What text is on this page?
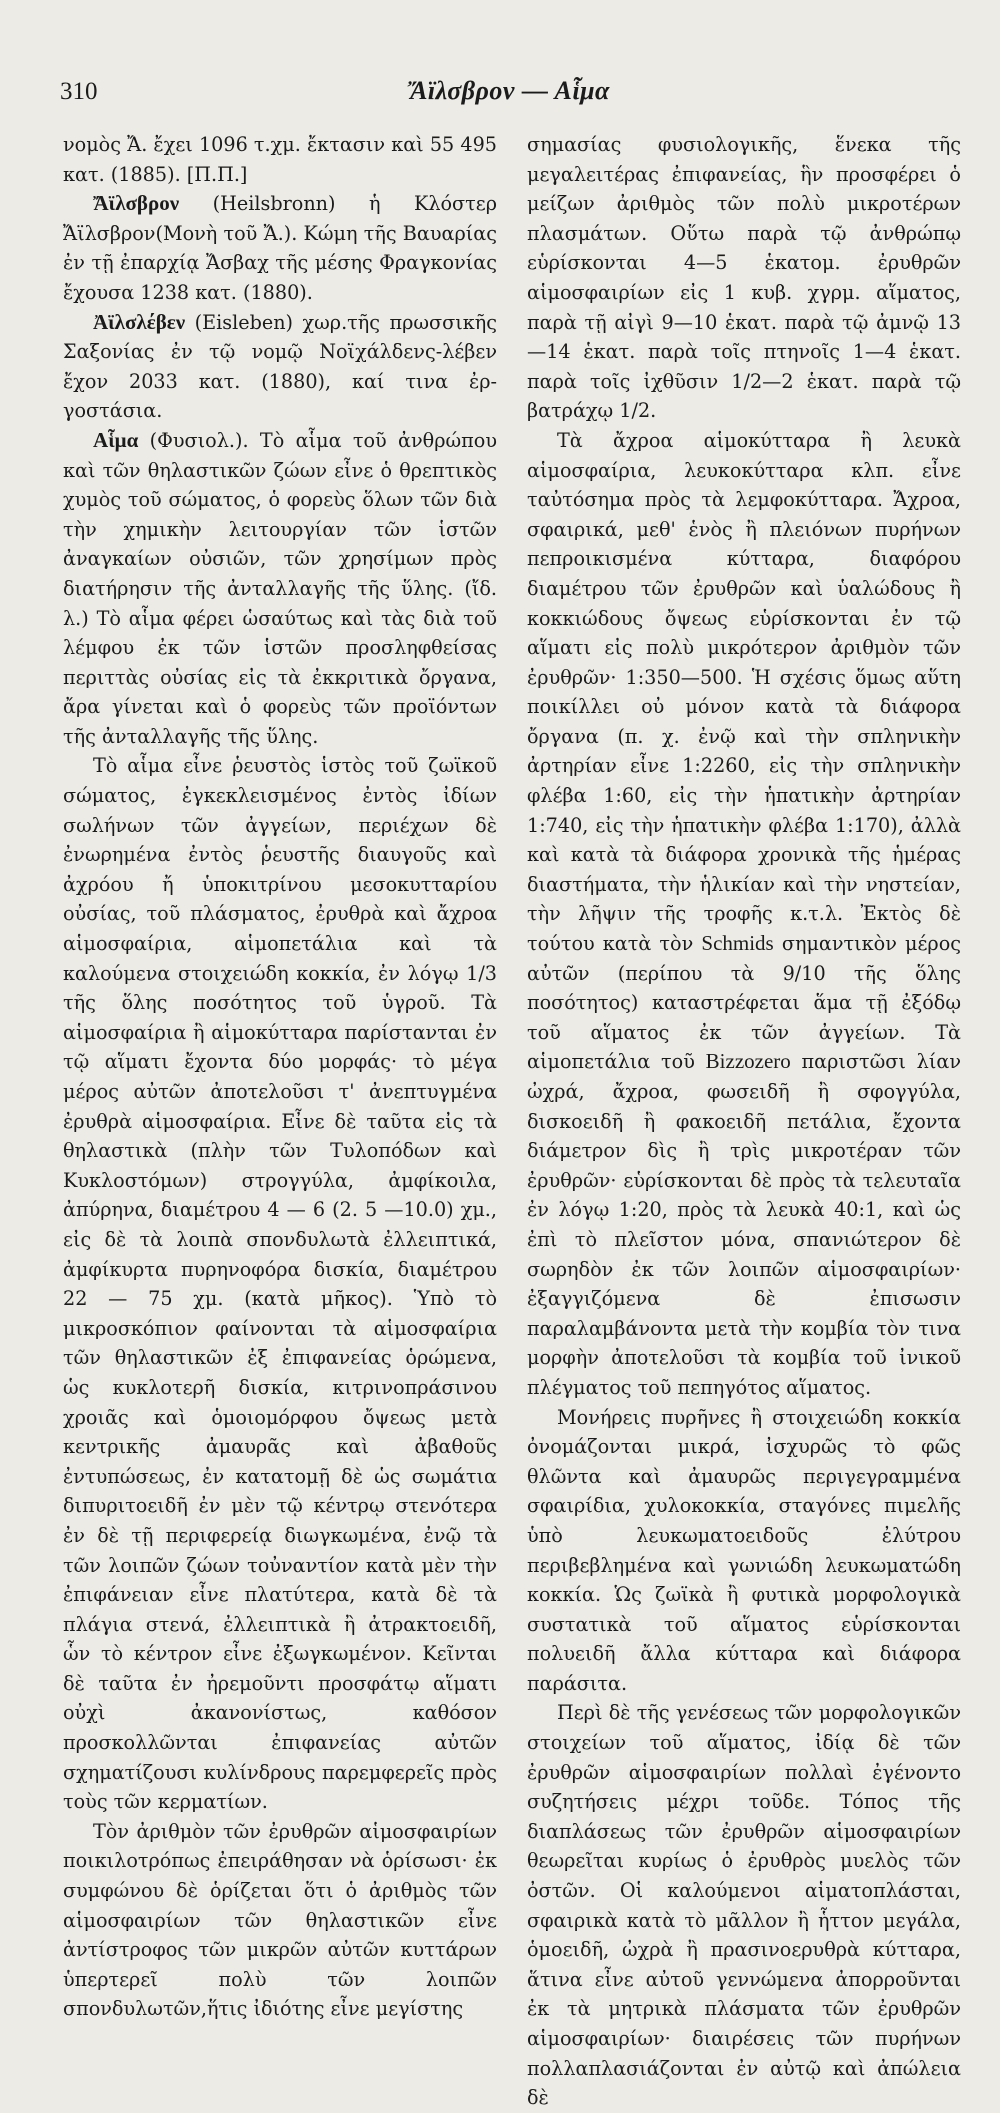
310	Ἄϊλσβρον — Αἷμα

νομὸς Ἄ. ἔχει 1096 τ.χμ. ἔκτασιν καὶ 55 495 κατ. (1885). [Π.Π.]

Ἄϊλσβρον (Heilsbronn) ἡ Κλόστερ Ἄϊλσβρον(Μονὴ τοῦ Ἄ.). Κώμη τῆς Βαυαρίας ἐν τῇ ἐπαρχίᾳ Ἄσβαχ τῆς μέσης Φραγκονίας ἔχουσα 1238 κατ. (1880).

Ἀϊλσλέβεν (Eisleben) χωρ.τῆς πρωσσικῆς Σαξονίας ἐν τῷ νομῷ Νοϊχάλδενς-λέβεν ἔχον 2033 κατ. (1880), καί τινα ἐρ-γοστάσια.

Αἷμα (Φυσιολ.). Τὸ αἷμα τοῦ ἀνθρώπου καὶ τῶν θηλαστικῶν ζώων εἶνε ὁ θρεπτικὸς χυμὸς τοῦ σώματος, ὁ φορεὺς ὅλων τῶν διὰ τὴν χημικὴν λειτουργίαν τῶν ἱστῶν ἀναγκαίων οὐσιῶν, τῶν χρησίμων πρὸς διατήρησιν τῆς ἀνταλλαγῆς τῆς ὕλης. (ἴδ. λ.) Τὸ αἷμα φέρει ὡσαύτως καὶ τὰς διὰ τοῦ λέμφου ἐκ τῶν ἱστῶν προσληφθείσας περιττὰς οὐσίας εἰς τὰ ἐκκριτικὰ ὄργανα, ἄρα γίνεται καὶ ὁ φορεὺς τῶν προϊόντων τῆς ἀνταλλαγῆς τῆς ὕλης.

Τὸ αἷμα εἶνε ῥευστὸς ἱστὸς τοῦ ζωϊκοῦ σώματος, ἐγκεκλεισμένος ἐντὸς ἰδίων σωλήνων τῶν ἀγγείων, περιέχων δὲ ἐνωρημένα ἐντὸς ῥευστῆς διαυγοῦς καὶ ἀχρόου ἤ ὑποκιτρίνου μεσοκυτταρίου οὐσίας, τοῦ πλάσματος, ἐρυθρὰ καὶ ἄχροα αἱμοσφαίρια, αἱμοπετάλια καὶ τὰ καλούμενα στοιχειώδη κοκκία, ἐν λόγῳ 1/3 τῆς ὅλης ποσότητος τοῦ ὑγροῦ. Τὰ αἱμοσφαίρια ἢ αἱμοκύτταρα παρίστανται ἐν τῷ αἵματι ἔχοντα δύο μορφάς· τὸ μέγα μέρος αὐτῶν ἀποτελοῦσι τ' ἀνεπτυγμένα ἐρυθρὰ αἱμοσφαίρια. Εἶνε δὲ ταῦτα εἰς τὰ θηλαστικὰ (πλὴν τῶν Τυλοπόδων καὶ Κυκλοστόμων) στρογγύλα, ἀμφίκοιλα, ἀπύρηνα, διαμέτρου 4 — 6 (2. 5 —10.0) χμ., εἰς δὲ τὰ λοιπὰ σπονδυλωτὰ ἐλλειπτικά, ἀμφίκυρτα πυρηνοφόρα δισκία, διαμέτρου 22 — 75 χμ. (κατὰ μῆκος). Ὑπὸ τὸ μικροσκόπιον φαίνονται τὰ αἱμοσφαίρια τῶν θηλαστικῶν ἐξ ἐπιφανείας ὁρώμενα, ὡς κυκλοτερῆ δισκία, κιτρινοπράσινου χροιᾶς καὶ ὁμοιομόρφου ὄψεως μετὰ κεντρικῆς ἀμαυρᾶς καὶ ἀβαθοῦς ἐντυπώσεως, ἐν κατατομῇ δὲ ὡς σωμάτια διπυριτοειδῆ ἐν μὲν τῷ κέντρῳ στενότερα ἐν δὲ τῇ περιφερείᾳ διωγκωμένα, ἐνῷ τὰ τῶν λοιπῶν ζώων τοὐναντίον κατὰ μὲν τὴν ἐπιφάνειαν εἶνε πλατύτερα, κατὰ δὲ τὰ πλάγια στενά, ἐλλειπτικὰ ἢ ἀτρακτοειδῆ, ὧν τὸ κέντρον εἶνε ἐξωγκωμένον. Κεῖνται δὲ ταῦτα ἐν ἠρεμοῦντι προσφάτῳ αἵματι οὐχὶ ἀκανονίστως, καθόσον προσκολλῶνται ἐπιφανείας αὐτῶν σχηματίζουσι κυλίνδρους παρεμφερεῖς πρὸς τοὺς τῶν κερματίων.

Τὸν ἀριθμὸν τῶν ἐρυθρῶν αἱμοσφαιρίων ποικιλοτρόπως ἐπειράθησαν νὰ ὁρίσωσι· ἐκ συμφώνου δὲ ὁρίζεται ὅτι ὁ ἀριθμὸς τῶν αἱμοσφαιρίων τῶν θηλαστικῶν εἶνε ἀντίστροφος τῶν μικρῶν αὐτῶν κυττάρων ὑπερτερεῖ πολὺ τῶν λοιπῶν σπονδυλωτῶν,ἥτις ἰδιότης εἶνε μεγίστης

σημασίας φυσιολογικῆς, ἕνεκα τῆς μεγαλειτέρας ἐπιφανείας, ἣν προσφέρει ὁ μείζων ἀριθμὸς τῶν πολὺ μικροτέρων πλασμάτων. Οὕτω παρὰ τῷ ἀνθρώπῳ εὑρίσκονται 4—5 ἑκατομ. ἐρυθρῶν αἱμοσφαιρίων εἰς 1 κυβ. χγρμ. αἵματος, παρὰ τῇ αἰγὶ 9—10 ἑκατ. παρὰ τῷ ἀμνῷ 13—14 ἑκατ. παρὰ τοῖς πτηνοῖς 1—4 ἑκατ. παρὰ τοῖς ἰχθῦσιν 1/2—2 ἑκατ. παρὰ τῷ βατράχῳ 1/2.

Τὰ ἄχροα αἱμοκύτταρα ἢ λευκὰ αἱμοσφαίρια, λευκοκύτταρα κλπ. εἶνε ταὐτόσημα πρὸς τὰ λεμφοκύτταρα. Ἄχροα, σφαιρικά, μεθ' ἑνὸς ἢ πλειόνων πυρήνων πεπροικισμένα κύτταρα, διαφόρου διαμέτρου τῶν ἐρυθρῶν καὶ ὑαλώδους ἢ κοκκιώδους ὄψεως εὑρίσκονται ἐν τῷ αἵματι εἰς πολὺ μικρότερον ἀριθμὸν τῶν ἐρυθρῶν· 1:350—500. Ἡ σχέσις ὅμως αὕτη ποικίλλει οὐ μόνον κατὰ τὰ διάφορα ὄργανα (π. χ. ἐνῷ καὶ τὴν σπληνικὴν ἀρτηρίαν εἶνε 1:2260, εἰς τὴν σπληνικὴν φλέβα 1:60, εἰς τὴν ἡπατικὴν ἀρτηρίαν 1:740, εἰς τὴν ἡπατικὴν φλέβα 1:170), ἀλλὰ καὶ κατὰ τὰ διάφορα χρονικὰ τῆς ἡμέρας διαστήματα, τὴν ἡλικίαν καὶ τὴν νηστείαν, τὴν λῆψιν τῆς τροφῆς κ.τ.λ. Ἐκτὸς δὲ τούτου κατὰ τὸν Schmids σημαντικὸν μέρος αὐτῶν (περίπου τὰ 9/10 τῆς ὅλης ποσότητος) καταστρέφεται ἅμα τῇ ἐξόδῳ τοῦ αἵματος ἐκ τῶν ἀγγείων. Τὰ αἱμοπετάλια τοῦ Bizzozero παριστῶσι λίαν ὠχρά, ἄχροα, φωσειδῆ ἢ σφογγύλα, δισκοειδῆ ἢ φακοειδῆ πετάλια, ἔχοντα διάμετρον δὶς ἢ τρὶς μικροτέραν τῶν ἐρυθρῶν· εὑρίσκονται δὲ πρὸς τὰ τελευταῖα ἐν λόγῳ 1:20, πρὸς τὰ λευκὰ 40:1, καὶ ὡς ἐπὶ τὸ πλεῖστον μόνα, σπανιώτερον δὲ σωρηδὸν ἐκ τῶν λοιπῶν αἱμοσφαιρίων· ἐξαγγιζόμενα δὲ ἐπισωσιν παραλαμβάνοντα μετὰ τὴν κομβία τὸν τινα μορφὴν ἀποτελοῦσι τὰ κομβία τοῦ ἰνικοῦ πλέγματος τοῦ πεπηγότος αἵματος.

Μονήρεις πυρῆνες ἢ στοιχειώδη κοκκία ὀνομάζονται μικρά, ἰσχυρῶς τὸ φῶς θλῶντα καὶ ἀμαυρῶς περιγεγραμμένα σφαιρίδια, χυλοκοκκία, σταγόνες πιμελῆς ὑπὸ λευκωματοειδοῦς ἐλύτρου περιβεβλημένα καὶ γωνιώδη λευκωματώδη κοκκία. Ὡς ζωϊκὰ ἢ φυτικὰ μορφολογικὰ συστατικὰ τοῦ αἵματος εὑρίσκονται πολυειδῆ ἄλλα κύτταρα καὶ διάφορα παράσιτα.

Περὶ δὲ τῆς γενέσεως τῶν μορφολογικῶν στοιχείων τοῦ αἵματος, ἰδίᾳ δὲ τῶν ἐρυθρῶν αἱμοσφαιρίων πολλαὶ ἐγένοντο συζητήσεις μέχρι τοῦδε. Τόπος τῆς διαπλάσεως τῶν ἐρυθρῶν αἱμοσφαιρίων θεωρεῖται κυρίως ὁ ἐρυθρὸς μυελὸς τῶν ὀστῶν. Οἱ καλούμενοι αἱματοπλάσται, σφαιρικὰ κατὰ τὸ μᾶλλον ἢ ἧττον μεγάλα, ὁμοειδῆ, ὠχρὰ ἢ πρασινοερυθρὰ κύτταρα, ἅτινα εἶνε αὐτοῦ γεννώμενα ἀπορροῦνται ἐκ τὰ μητρικὰ πλάσματα τῶν ἐρυθρῶν αἱμοσφαιρίων· διαιρέσεις τῶν πυρήνων πολλαπλασιάζονται ἐν αὐτῷ καὶ ἀπώλεια δὲ
